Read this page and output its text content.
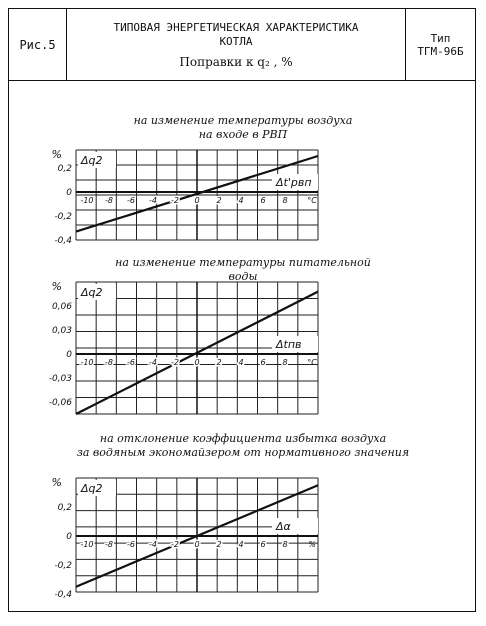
Рис.5
ТИПОВАЯ ЭНЕРГЕТИЧЕСКАЯ ХАРАКТЕРИСТИКА
КОТЛА
Поправки к q₂ , %
Тип
ТГМ-96Б
на изменение температуры воздуха
на входе в РВП
на изменение температуры питательной
воды
на отклонение коэффициента избытка воздуха
за водяным экономайзером от нормативного значения
-10 -8 -6 -4 -2 0 2 4 6 8 °C
0,2
0
-0,2
-0,4
% Δq2
Δt'рвп
-10 -8 -6 -4 -2 0 2 4 6 8 °C
0,06
0,03
0
-0,03
-0,06
% Δq2
Δtпв
-10 -8 -6 -4 -2 0 2 4 6 8	%
0,2
0
-0,2
-0,4
% Δq2
Δα
